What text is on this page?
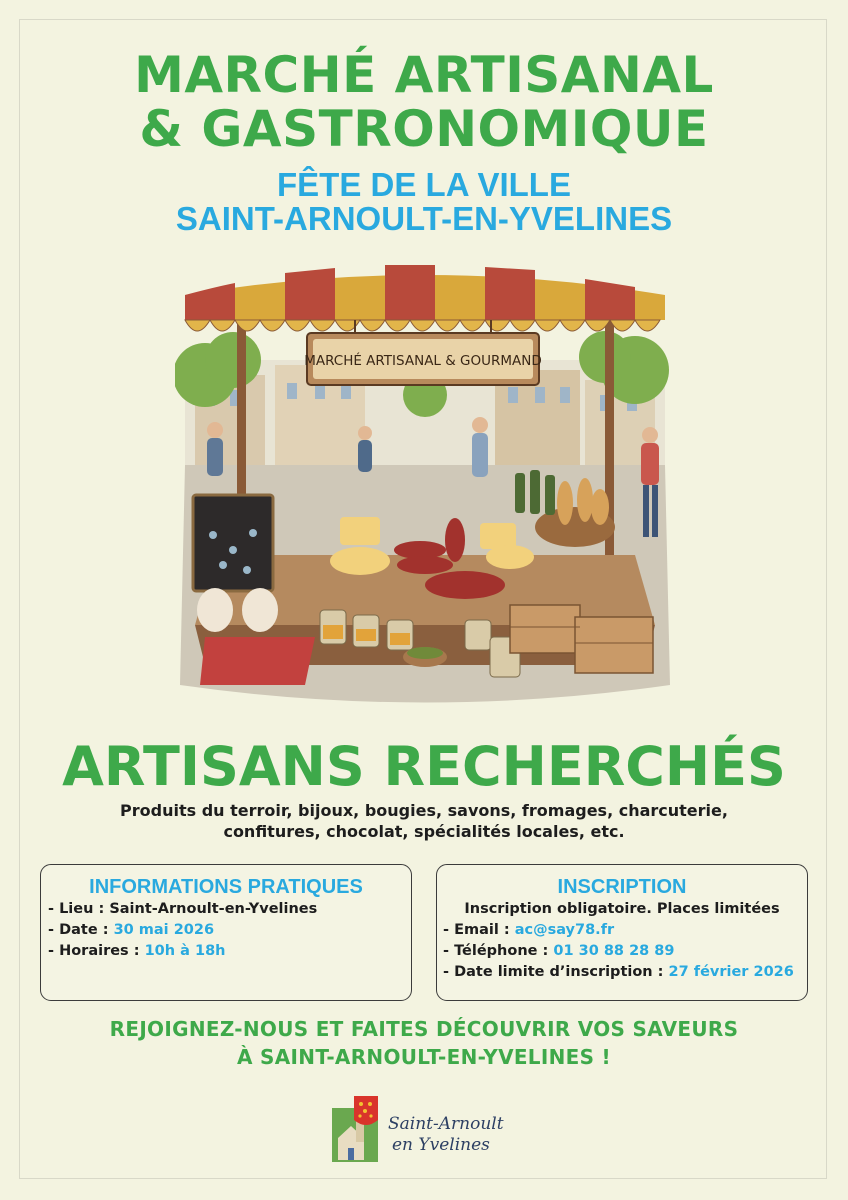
MARCHÉ ARTISANAL
& GASTRONOMIQUE
FÊTE DE LA VILLE
SAINT-ARNOULT-EN-YVELINES
MARCHÉ ARTISANAL & GOURMAND
ARTISANS RECHERCHÉS
Produits du terroir, bijoux, bougies, savons, fromages, charcuterie,
confitures, chocolat, spécialités locales, etc.
INFORMATIONS PRATIQUES
- Lieu : Saint-Arnoult-en-Yvelines
- Date : 30 mai 2026
- Horaires : 10h à 18h
INSCRIPTION
Inscription obligatoire. Places limitées
- Email : ac@say78.fr
- Téléphone : 01 30 88 28 89
- Date limite d’inscription : 27 février 2026
REJOIGNEZ-NOUS ET FAITES DÉCOUVRIR VOS SAVEURS
À SAINT-ARNOULT-EN-YVELINES !
Saint-Arnoult
en Yvelines
